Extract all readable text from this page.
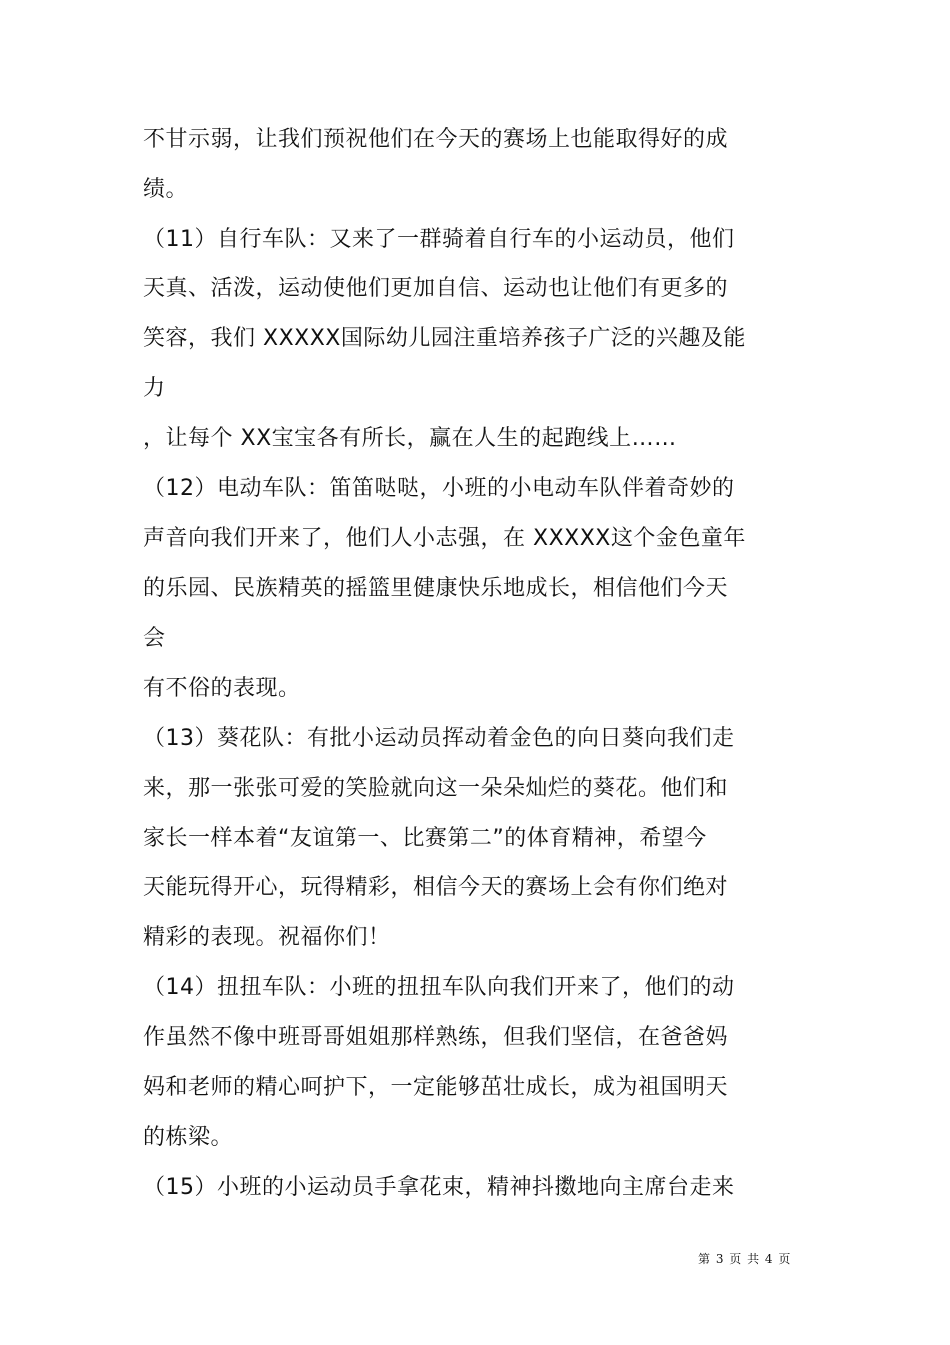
不甘示弱，让我们预祝他们在今天的赛场上也能取得好的成
绩。
（11）自行车队：又来了一群骑着自行车的小运动员，他们
天真、活泼，运动使他们更加自信、运动也让他们有更多的
笑容，我们 XXXXX国际幼儿园注重培养孩子广泛的兴趣及能
力
，让每个 XX宝宝各有所长，赢在人生的起跑线上……
（12）电动车队：笛笛哒哒，小班的小电动车队伴着奇妙的
声音向我们开来了，他们人小志强，在 XXXXX这个金色童年
的乐园、民族精英的摇篮里健康快乐地成长，相信他们今天
会
有不俗的表现。
（13）葵花队：有批小运动员挥动着金色的向日葵向我们走
来，那一张张可爱的笑脸就向这一朵朵灿烂的葵花。他们和
家长一样本着“友谊第一、比赛第二”的体育精神，希望今
天能玩得开心，玩得精彩，相信今天的赛场上会有你们绝对
精彩的表现。祝福你们！
（14）扭扭车队：小班的扭扭车队向我们开来了，他们的动
作虽然不像中班哥哥姐姐那样熟练，但我们坚信，在爸爸妈
妈和老师的精心呵护下，一定能够茁壮成长，成为祖国明天
的栋梁。
（15）小班的小运动员手拿花束，精神抖擞地向主席台走来
第 3 页 共 4 页
